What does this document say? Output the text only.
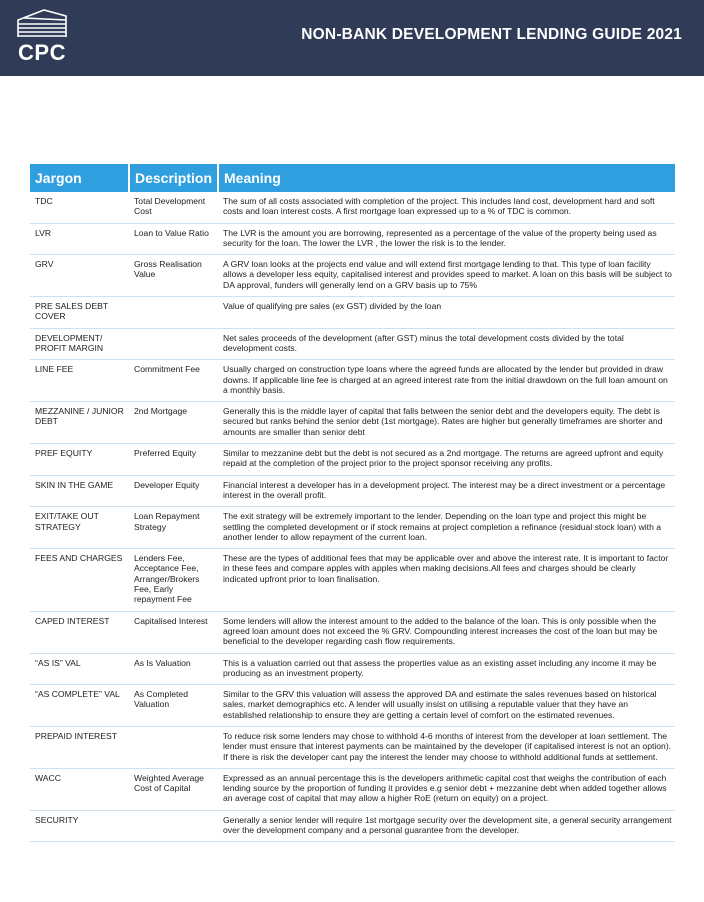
CPC
NON-BANK DEVELOPMENT LENDING GUIDE 2021
Jargon	Description	Meaning
TDC	Total Development Cost	The sum of all costs associated with completion of the project. This includes land cost, development hard and soft costs and loan interest costs. A first mortgage loan expressed up to a % of TDC is common.
LVR	Loan to Value Ratio	The LVR is the amount you are borrowing, represented as a percentage of the value of the property being used as security for the loan. The lower the LVR , the lower the risk is to the lender.
GRV	Gross Realisation Value	A GRV loan looks at the projects end value and will extend first mortgage lending to that. This type of loan facility allows a developer less equity, capitalised interest and provides speed to market. A loan on this basis will be subject to DA approval, funders will generally lend on a GRV basis up to 75%
PRE SALES DEBT COVER		Value of qualifying pre sales (ex GST) divided by the loan
DEVELOPMENT/ PROFIT MARGIN		Net sales proceeds of the development (after GST) minus the total development costs divided by the total development costs.
LINE FEE	Commitment Fee	Usually charged on construction type loans where the agreed funds are allocated by the lender but provided in draw downs. If applicable line fee is charged at an agreed interest rate from the initial drawdown on the full loan amount on a monthly basis.
MEZZANINE / JUNIOR DEBT	2nd Mortgage	Generally this is the middle layer of capital that falls between the senior debt and the developers equity. The debt is secured but ranks behind the senior debt (1st mortgage). Rates are higher but generally timeframes are shorter and amounts are smaller than senior debt
PREF EQUITY	Preferred Equity	Similar to mezzanine debt but the debt is not secured as a 2nd mortgage. The returns are agreed upfront and equity repaid at the completion of the project prior to the project sponsor receiving any profits.
SKIN IN THE GAME	Developer Equity	Financial interest a developer has in a development project. The interest may be a direct investment or a percentage interest in the overall profit.
EXIT/TAKE OUT STRATEGY	Loan Repayment Strategy	The exit strategy will be extremely important to the lender. Depending on the loan type and project this might be settling the completed development or if stock remains at project completion a refinance (residual stock loan) with a another lender to allow repayment of the current loan.
FEES AND CHARGES	Lenders Fee, Acceptance Fee, Arranger/Brokers Fee, Early repayment Fee	These are the types of additional fees that may be applicable over and above the interest rate. It is important to factor in these fees and compare apples with apples when making decisions.All fees and charges should be clearly indicated upfront prior to loan finalisation.
CAPED INTEREST	Capitalised Interest	Some lenders will allow the interest amount to the added to the balance of the loan. This is only possible when the agreed loan amount does not exceed the % GRV. Compounding interest increases the cost of the loan but may be beneficial to the developer regarding cash flow requirements.
“AS IS” VAL	As Is Valuation	This is a valuation carried out that assess the properties value as an existing asset including any income it may be producing as an investment property.
“AS COMPLETE” VAL	As Completed Valuation	Similar to the GRV this valuation will assess the approved DA and estimate the sales revenues based on historical sales, market demographics etc. A lender will usually insist on utilising a reputable valuer that they have an established relationship to ensure they are getting a certain level of comfort on the estimated revenues.
PREPAID INTEREST		To reduce risk some lenders may chose to withhold 4-6 months of interest from the developer at loan settlement. The lender must ensure that interest payments can be maintained by the developer (if capitalised interest is not an option). If there is risk the developer cant pay the interest the lender may choose to withhold additional funds at settlement.
WACC	Weighted Average Cost of Capital	Expressed as an annual percentage this is the developers arithmetic capital cost that weighs the contribution of each lending source by the proportion of funding it provides e.g senior debt + mezzanine debt when added together allows an average cost of capital that may allow a higher RoE (return on equity) on a project.
SECURITY		Generally a senior lender will require 1st mortgage security over the development site, a general security arrangement over the development company and a personal guarantee from the developer.
